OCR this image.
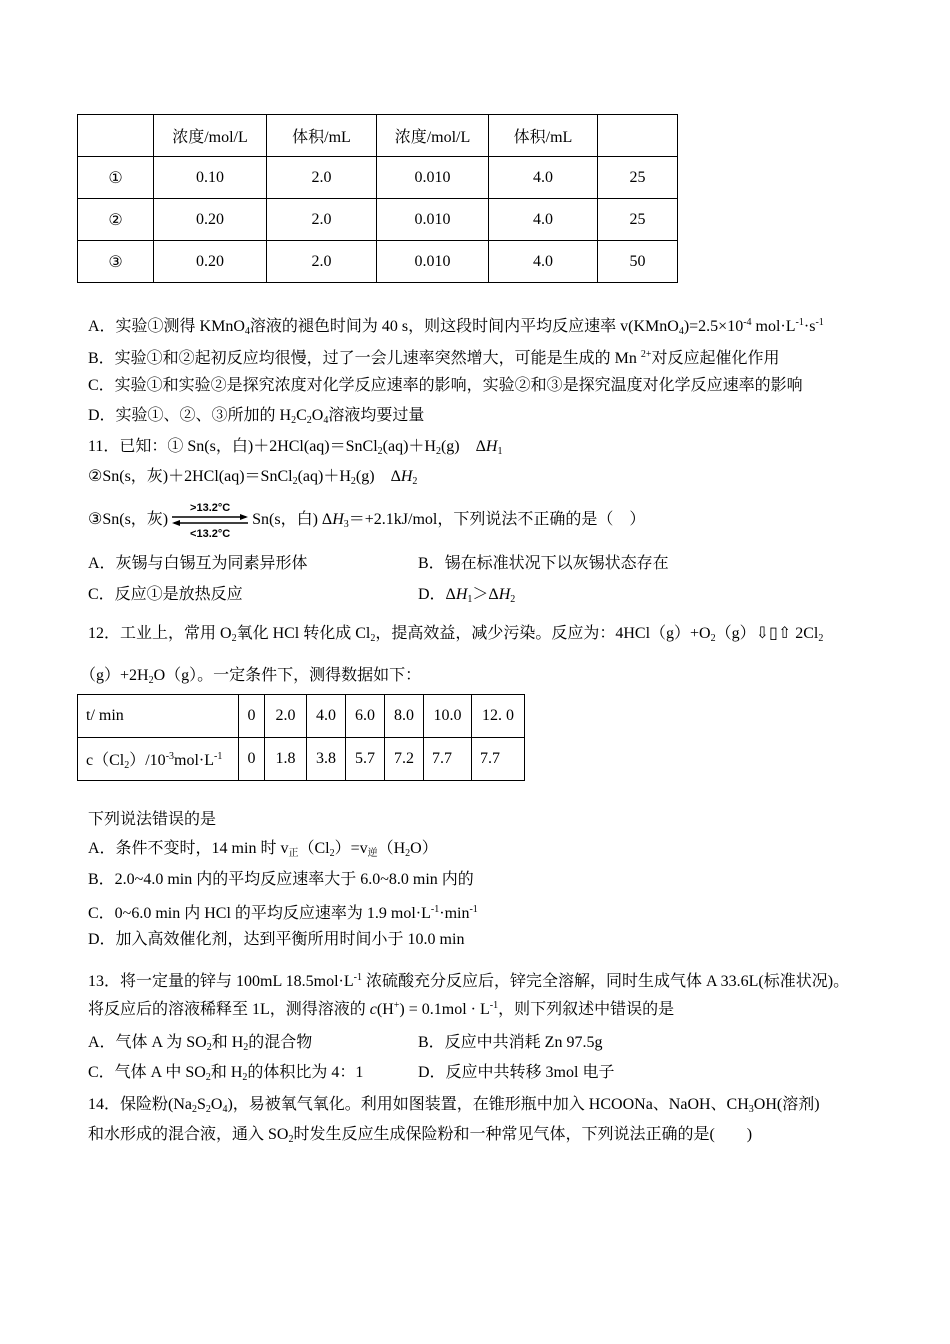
	浓度/mol/L	体积/mL	浓度/mol/L	体积/mL	
①	0.10	2.0	0.010	4.0	25
②	0.20	2.0	0.010	4.0	25
③	0.20	2.0	0.010	4.0	50
A．实验①测得 KMnO$_4$溶液的褪色时间为 40 s，则这段时间内平均反应速率 $v(KMnO_4)=2.5\times 10^{-4}$ $mol\cdot L^{-1}\cdot s^{-1}$
B．实验①和②起初反应均很慢，过了一会儿速率突然增大，可能是生成的 Mn $^{2+}$对反应起催化作用
C．实验①和实验②是探究浓度对化学反应速率的影响，实验②和③是探究温度对化学反应速率的影响
D．实验①、②、③所加的 $H_2C_2O_4$溶液均要过量
11．已知：① Sn(s，白)$+2HCl(aq)=SnCl_2(aq)+H_2(g)$　$\Delta H_1$
②Sn(s，灰)$+2HCl(aq)=SnCl_2(aq)+H_2(g)$　$\Delta H_2$
③Sn(s，灰)
>13.2°C
<13.2°C
Sn(s，白) $\Delta H_3=+2.1kJ$/mol，下列说法不正确的是（　）
A．灰锡与白锡互为同素异形体	B．锡在标准状况下以灰锡状态存在
C．反应①是放热反应	D．$\Delta H_1>\Delta H_2$
12．工业上，常用 $O_2$氧化 HCl 转化成 $Cl_2$，提高效益，减少污染。反应为：$4HCl(g)+O_2(g)⇩▯⇧$ $2Cl_2$
$(g)+2H_2O(g)$。一定条件下，测得数据如下：
t/ min	0	2.0	4.0	6.0	8.0	10.0	12. 0
$c(Cl_2)/10^{-3}mol\cdot L^{-1}$	0	1.8	3.8	5.7	7.2	7.7	7.7
下列说法错误的是
A．条件不变时，14 min 时 $v_正(Cl_2)=v_逆(H_2O)$
B．2.0~4.0 min 内的平均反应速率大于 6.0~8.0 min 内的
C．0~6.0 min 内 HCl 的平均反应速率为 1.9 $mol\cdot L^{-1}\cdot\min^{-1}$
D．加入高效催化剂，达到平衡所用时间小于 10.0 min
13．将一定量的锌与 100mL $18.5mol\cdot L^{-1}$ 浓硫酸充分反应后，锌完全溶解，同时生成气体 A 33.6L(标准状况)。
将反应后的溶液稀释至 1L，测得溶液的 $c(H^+) = 0.1mol \cdot L^{-1}$，则下列叙述中错误的是
A．气体 A 为 $SO_2$和 $H_2$的混合物	B．反应中共消耗 Zn 97.5g
C．气体 A 中 $SO_2$和 $H_2$的体积比为 4：1	D．反应中共转移 3mol 电子
14．保险粉$(Na_2S_2O_4)$，易被氧气氧化。利用如图装置，在锥形瓶中加入 HCOONa、NaOH、$CH_3OH$(溶剂)
和水形成的混合液，通入 $SO_2$时发生反应生成保险粉和一种常见气体，下列说法正确的是(　　)
